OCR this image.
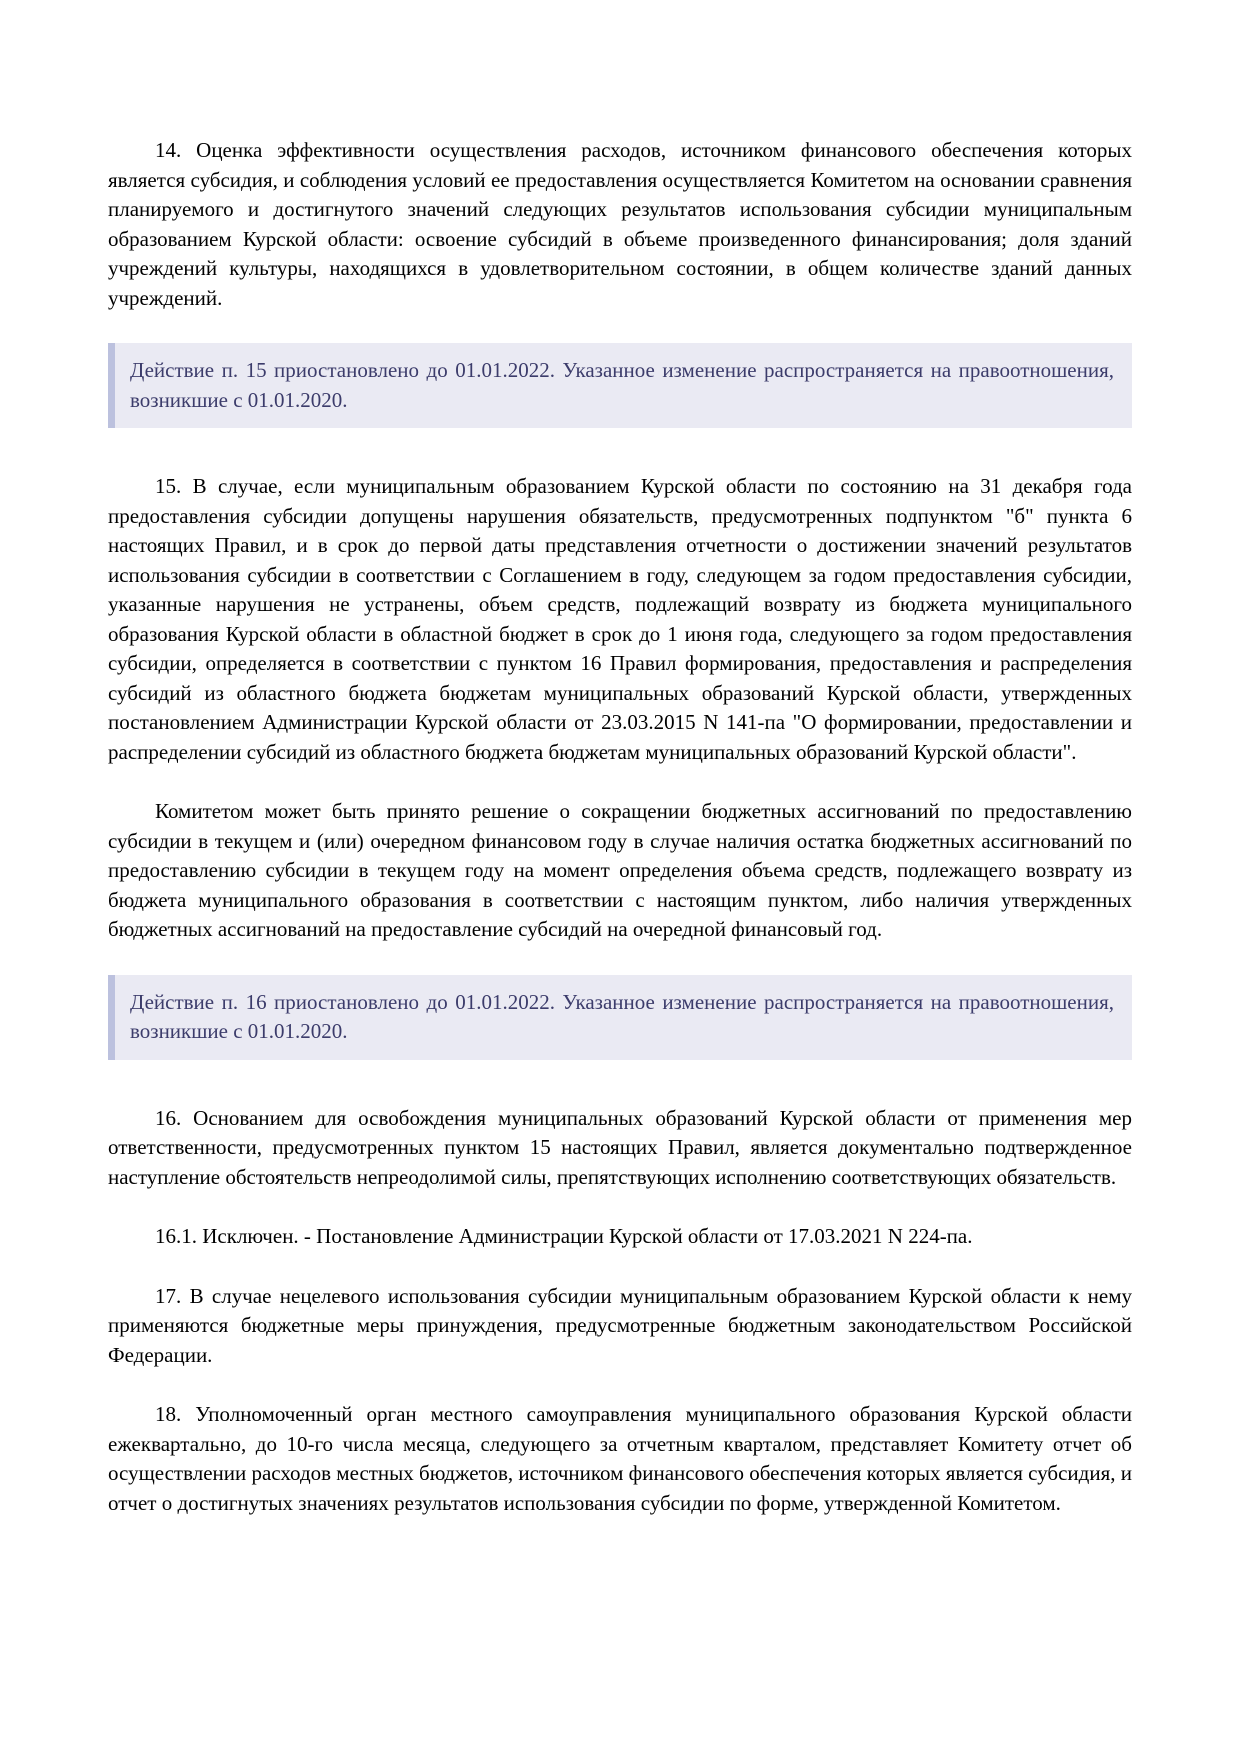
14. Оценка эффективности осуществления расходов, источником финансового обеспечения которых является субсидия, и соблюдения условий ее предоставления осуществляется Комитетом на основании сравнения планируемого и достигнутого значений следующих результатов использования субсидии муниципальным образованием Курской области: освоение субсидий в объеме произведенного финансирования; доля зданий учреждений культуры, находящихся в удовлетворительном состоянии, в общем количестве зданий данных учреждений.

Действие п. 15 приостановлено до 01.01.2022. Указанное изменение распространяется на правоотношения, возникшие с 01.01.2020.

15. В случае, если муниципальным образованием Курской области по состоянию на 31 декабря года предоставления субсидии допущены нарушения обязательств, предусмотренных подпунктом "б" пункта 6 настоящих Правил, и в срок до первой даты представления отчетности о достижении значений результатов использования субсидии в соответствии с Соглашением в году, следующем за годом предоставления субсидии, указанные нарушения не устранены, объем средств, подлежащий возврату из бюджета муниципального образования Курской области в областной бюджет в срок до 1 июня года, следующего за годом предоставления субсидии, определяется в соответствии с пунктом 16 Правил формирования, предоставления и распределения субсидий из областного бюджета бюджетам муниципальных образований Курской области, утвержденных постановлением Администрации Курской области от 23.03.2015 N 141-па "О формировании, предоставлении и распределении субсидий из областного бюджета бюджетам муниципальных образований Курской области".

Комитетом может быть принято решение о сокращении бюджетных ассигнований по предоставлению субсидии в текущем и (или) очередном финансовом году в случае наличия остатка бюджетных ассигнований по предоставлению субсидии в текущем году на момент определения объема средств, подлежащего возврату из бюджета муниципального образования в соответствии с настоящим пунктом, либо наличия утвержденных бюджетных ассигнований на предоставление субсидий на очередной финансовый год.

Действие п. 16 приостановлено до 01.01.2022. Указанное изменение распространяется на правоотношения, возникшие с 01.01.2020.

16. Основанием для освобождения муниципальных образований Курской области от применения мер ответственности, предусмотренных пунктом 15 настоящих Правил, является документально подтвержденное наступление обстоятельств непреодолимой силы, препятствующих исполнению соответствующих обязательств.

16.1. Исключен. - Постановление Администрации Курской области от 17.03.2021 N 224-па.

17. В случае нецелевого использования субсидии муниципальным образованием Курской области к нему применяются бюджетные меры принуждения, предусмотренные бюджетным законодательством Российской Федерации.

18. Уполномоченный орган местного самоуправления муниципального образования Курской области ежеквартально, до 10-го числа месяца, следующего за отчетным кварталом, представляет Комитету отчет об осуществлении расходов местных бюджетов, источником финансового обеспечения которых является субсидия, и отчет о достигнутых значениях результатов использования субсидии по форме, утвержденной Комитетом.
